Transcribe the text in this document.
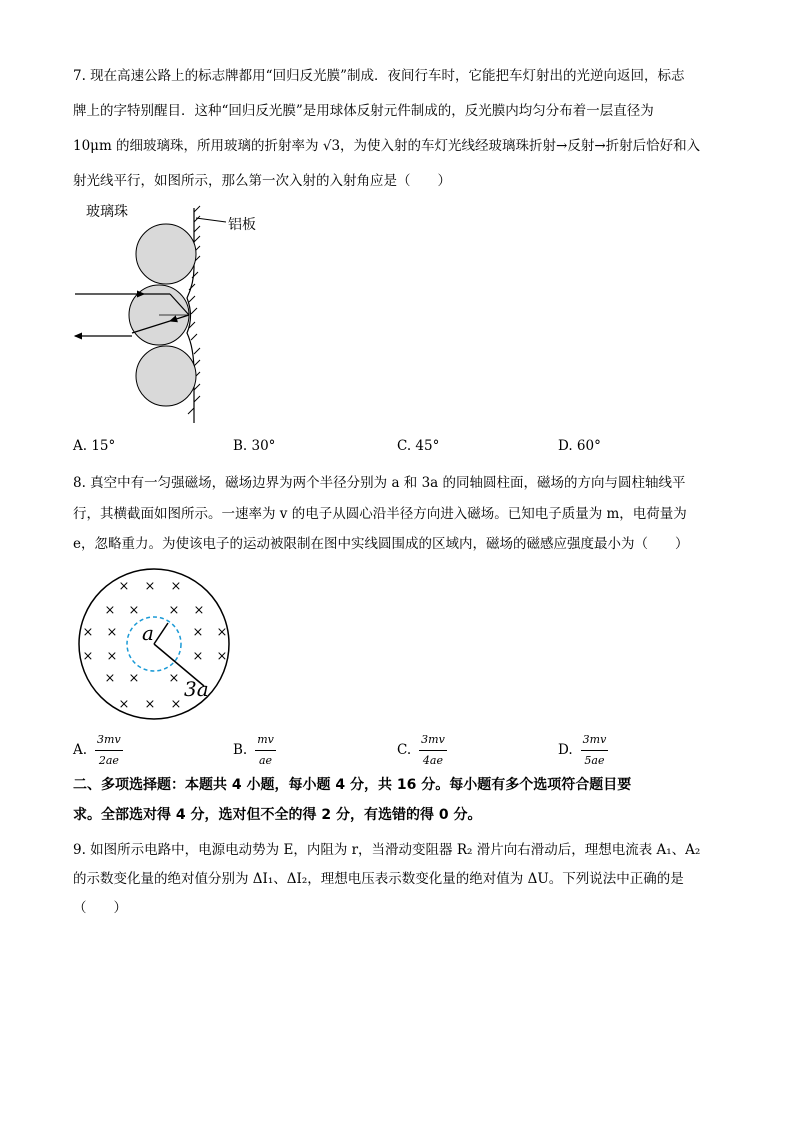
7. 现在高速公路上的标志牌都用“回归反光膜”制成．夜间行车时，它能把车灯射出的光逆向返回，标志
牌上的字特别醒目．这种“回归反光膜”是用球体反射元件制成的，反光膜内均匀分布着一层直径为
10μm 的细玻璃珠，所用玻璃的折射率为 √3，为使入射的车灯光线经玻璃珠折射→反射→折射后恰好和入
射光线平行，如图所示，那么第一次入射的入射角应是（　　）
玻璃珠
铝板
A. 15°	B. 30°	C. 45°	D. 60°
8. 真空中有一匀强磁场，磁场边界为两个半径分别为 a 和 3a 的同轴圆柱面，磁场的方向与圆柱轴线平
行，其横截面如图所示。一速率为 v 的电子从圆心沿半径方向进入磁场。已知电子质量为 m，电荷量为
e，忽略重力。为使该电子的运动被限制在图中实线圆围成的区域内，磁场的磁感应强度最小为（　　）
a
3a
× × ×
× × × ×
× ×	× ×
× ×	× ×
× × ×
× × ×
A. $\frac{3mv}{2ae}$	B. $\frac{mv}{ae}$	C. $\frac{3mv}{4ae}$	D. $\frac{3mv}{5ae}$
二、多项选择题：本题共 4 小题，每小题 4 分，共 16 分。每小题有多个选项符合题目要
求。全部选对得 4 分，选对但不全的得 2 分，有选错的得 0 分。
9. 如图所示电路中，电源电动势为 E，内阻为 r，当滑动变阻器 R₂ 滑片向右滑动后，理想电流表 A₁、A₂
的示数变化量的绝对值分别为 ΔI₁、ΔI₂，理想电压表示数变化量的绝对值为 ΔU。下列说法中正确的是
（　　）
